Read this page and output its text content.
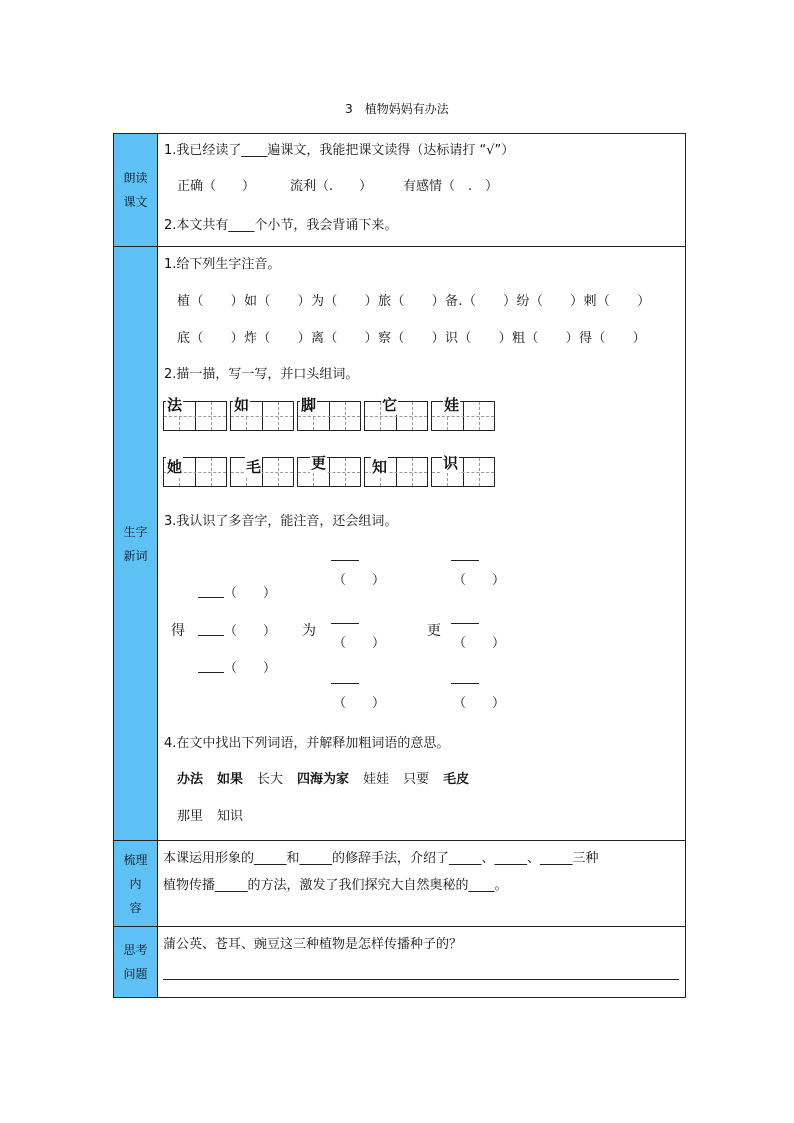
3　植物妈妈有办法
朗读
课文
1.我已经读了____遍课文，我能把课文读得（达标请打 “√”）
正确（　　）	流利（.　　） 有感情（　.　）
2.本文共有____个小节，我会背诵下来。
生字
新词
1.给下列生字注音。
植（　　）如（　　）为（　　）旅（　　）备.（　　）纷（　　）刺（　　）
底（　　）炸（　　）离（　　）察（　　）识（　　）粗（　　）得（　　）
2.描一描，写一写，并口头组词。
法	如	脚	它	娃
她	毛	更	知	识
3.我认识了多音字，能注音，还会组词。
得
（　　）
（　　）
（　　）
为
（　　）
（　　）
（　　）
更
（　　）
（　　）
（　　）
4.在文中找出下列词语，并解释加粗词语的意思。
办法 如果 长大 四海为家 娃娃 只要 毛皮
那里 知识
梳理
内
容
本课运用形象的_____和_____的修辞手法，介绍了_____、_____、_____三种
植物传播_____的方法，激发了我们探究大自然奥秘的____。
思考
问题
蒲公英、苍耳、豌豆这三种植物是怎样传播种子的？
